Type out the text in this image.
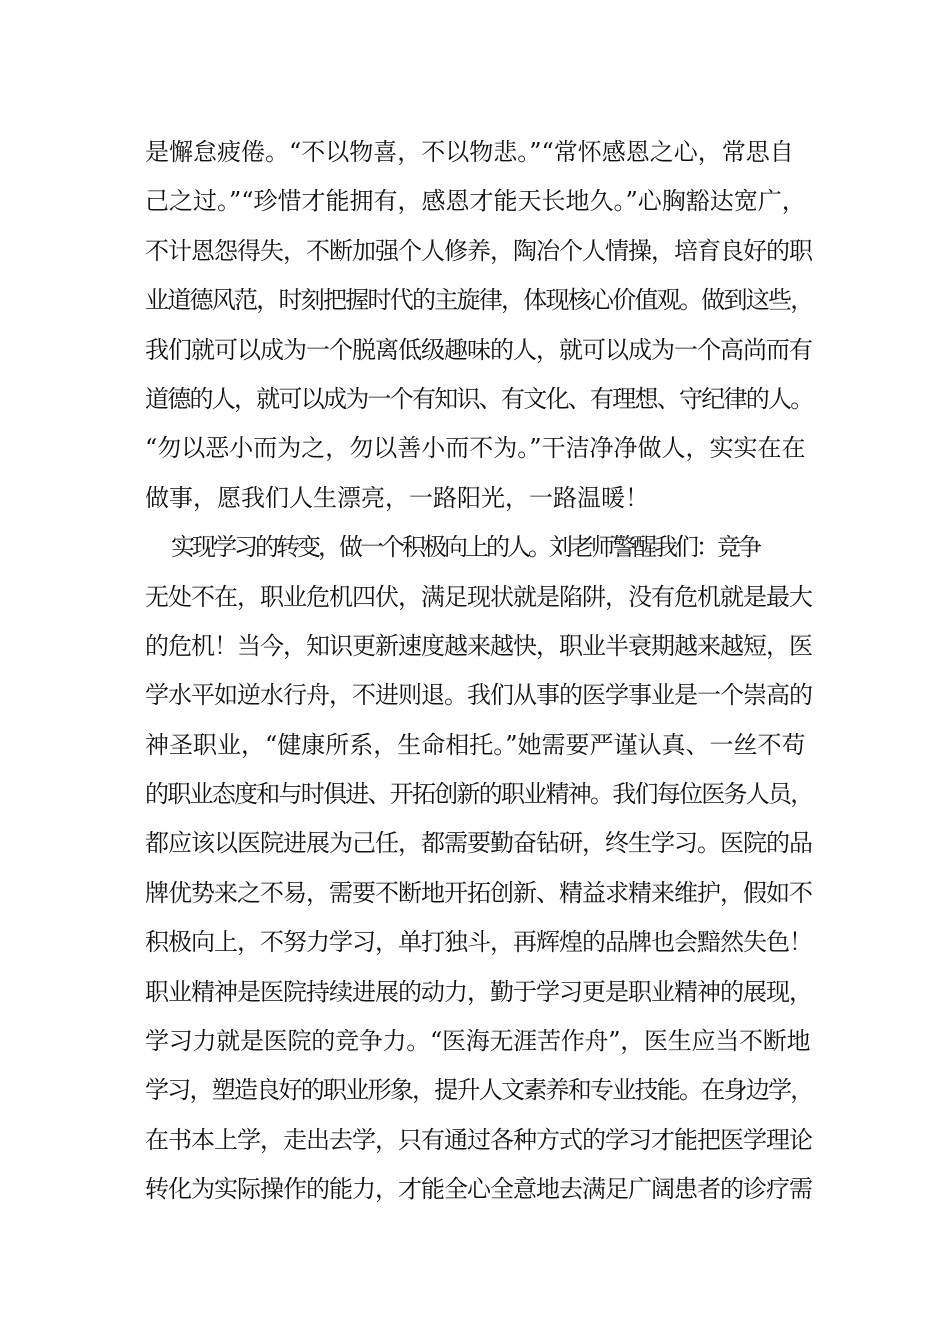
是懈怠疲倦。“不以物喜，不以物悲。”“常怀感恩之心，常思自
己之过。”“珍惜才能拥有，感恩才能天长地久。”心胸豁达宽广，
不计恩怨得失，不断加强个人修养，陶冶个人情操，培育良好的职
业道德风范，时刻把握时代的主旋律，体现核心价值观。做到这些，
我们就可以成为一个脱离低级趣味的人，就可以成为一个高尚而有
道德的人，就可以成为一个有知识、有文化、有理想、守纪律的人。
“勿以恶小而为之，勿以善小而不为。”干洁净净做人，实实在在
做事，愿我们人生漂亮，一路阳光，一路温暖！
实现学习的转变，做一个积极向上的人。刘老师警醒我们：竞争
无处不在，职业危机四伏，满足现状就是陷阱，没有危机就是最大
的危机！当今，知识更新速度越来越快，职业半衰期越来越短，医
学水平如逆水行舟，不进则退。我们从事的医学事业是一个崇高的
神圣职业，“健康所系，生命相托。”她需要严谨认真、一丝不苟
的职业态度和与时俱进、开拓创新的职业精神。我们每位医务人员，
都应该以医院进展为己任，都需要勤奋钻研，终生学习。医院的品
牌优势来之不易，需要不断地开拓创新、精益求精来维护，假如不
积极向上，不努力学习，单打独斗，再辉煌的品牌也会黯然失色！
职业精神是医院持续进展的动力，勤于学习更是职业精神的展现，
学习力就是医院的竞争力。“医海无涯苦作舟”，医生应当不断地
学习，塑造良好的职业形象，提升人文素养和专业技能。在身边学，
在书本上学，走出去学，只有通过各种方式的学习才能把医学理论
转化为实际操作的能力，才能全心全意地去满足广阔患者的诊疗需
